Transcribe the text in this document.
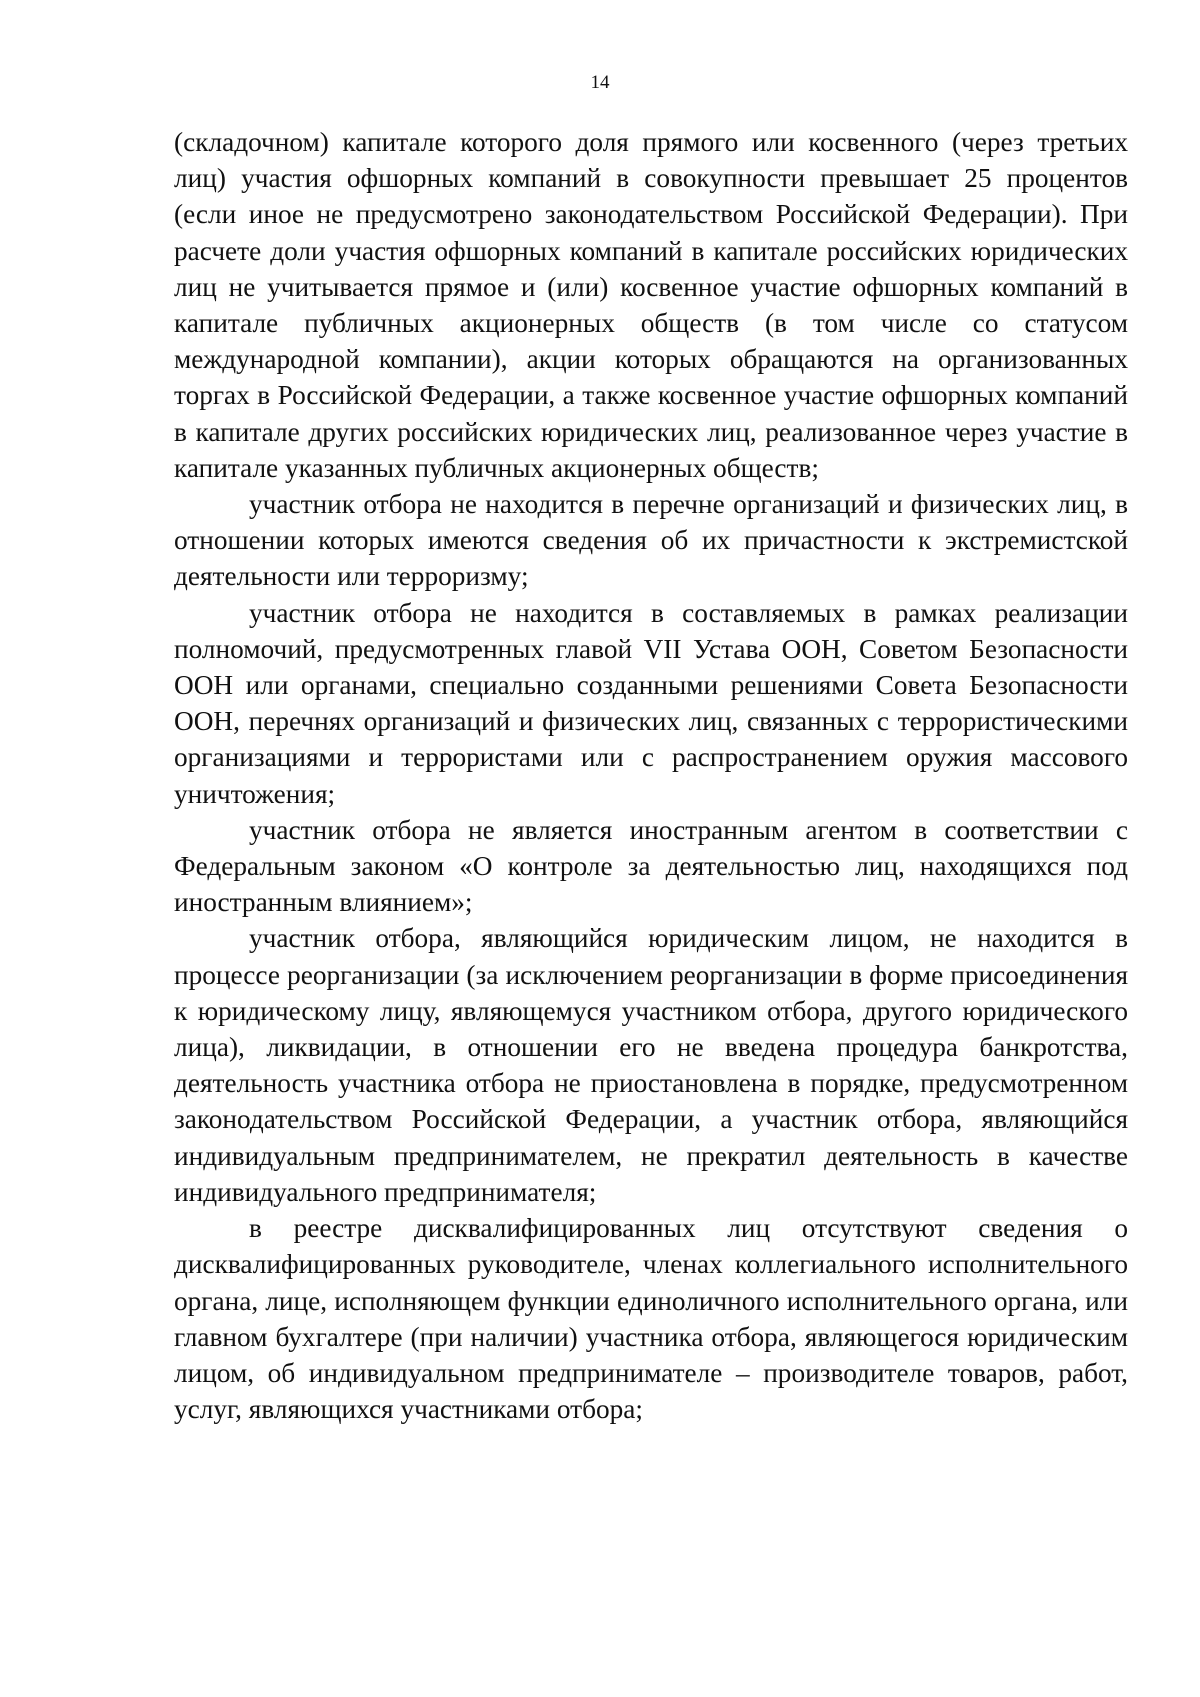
14

(складочном) капитале которого доля прямого или косвенного (через третьих лиц) участия офшорных компаний в совокупности превышает 25 процентов (если иное не предусмотрено законодательством Российской Федерации). При расчете доли участия офшорных компаний в капитале российских юридических лиц не учитывается прямое и (или) косвенное участие офшорных компаний в капитале публичных акционерных обществ (в том числе со статусом международной компании), акции которых обращаются на организованных торгах в Российской Федерации, а также косвенное участие офшорных компаний в капитале других российских юридических лиц, реализованное через участие в капитале указанных публичных акционерных обществ;

участник отбора не находится в перечне организаций и физических лиц, в отношении которых имеются сведения об их причастности к экстремистской деятельности или терроризму;

участник отбора не находится в составляемых в рамках реализации полномочий, предусмотренных главой VII Устава ООН, Советом Безопасности ООН или органами, специально созданными решениями Совета Безопасности ООН, перечнях организаций и физических лиц, связанных с террористическими организациями и террористами или с распространением оружия массового уничтожения;

участник отбора не является иностранным агентом в соответствии с Федеральным законом «О контроле за деятельностью лиц, находящихся под иностранным влиянием»;

участник отбора, являющийся юридическим лицом, не находится в процессе реорганизации (за исключением реорганизации в форме присоединения к юридическому лицу, являющемуся участником отбора, другого юридического лица), ликвидации, в отношении его не введена процедура банкротства, деятельность участника отбора не приостановлена в порядке, предусмотренном законодательством Российской Федерации, а участник отбора, являющийся индивидуальным предпринимателем, не прекратил деятельность в качестве индивидуального предпринимателя;

в реестре дисквалифицированных лиц отсутствуют сведения о дисквалифицированных руководителе, членах коллегиального исполнительного органа, лице, исполняющем функции единоличного исполнительного органа, или главном бухгалтере (при наличии) участника отбора, являющегося юридическим лицом, об индивидуальном предпринимателе – производителе товаров, работ, услуг, являющихся участниками отбора;
